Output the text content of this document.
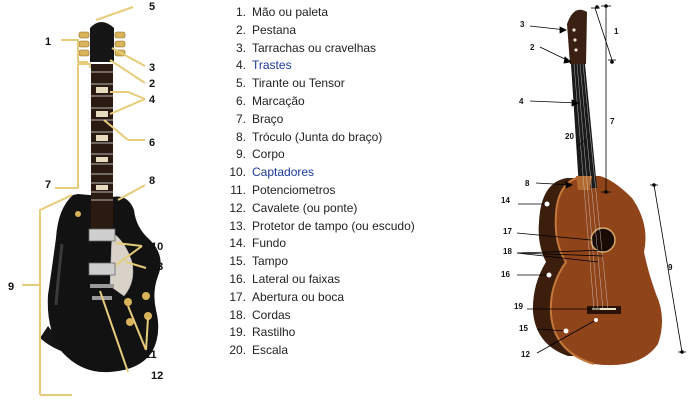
1
2
3
4
5
6
7	8
9
10
11
12
13
1
2
3
4
7
8
9
12
14
15
16
17
18
19
20
1. Mão ou paleta
2. Pestana
3. Tarrachas ou cravelhas
4. Trastes
5. Tirante ou Tensor
6. Marcação
7. Braço
8. Tróculo (Junta do braço)
9. Corpo
10. Captadores
11. Potenciometros
12. Cavalete (ou ponte)
13. Protetor de tampo (ou escudo)
14. Fundo
15. Tampo
16. Lateral ou faixas
17. Abertura ou boca
18. Cordas
19. Rastilho
20. Escala
